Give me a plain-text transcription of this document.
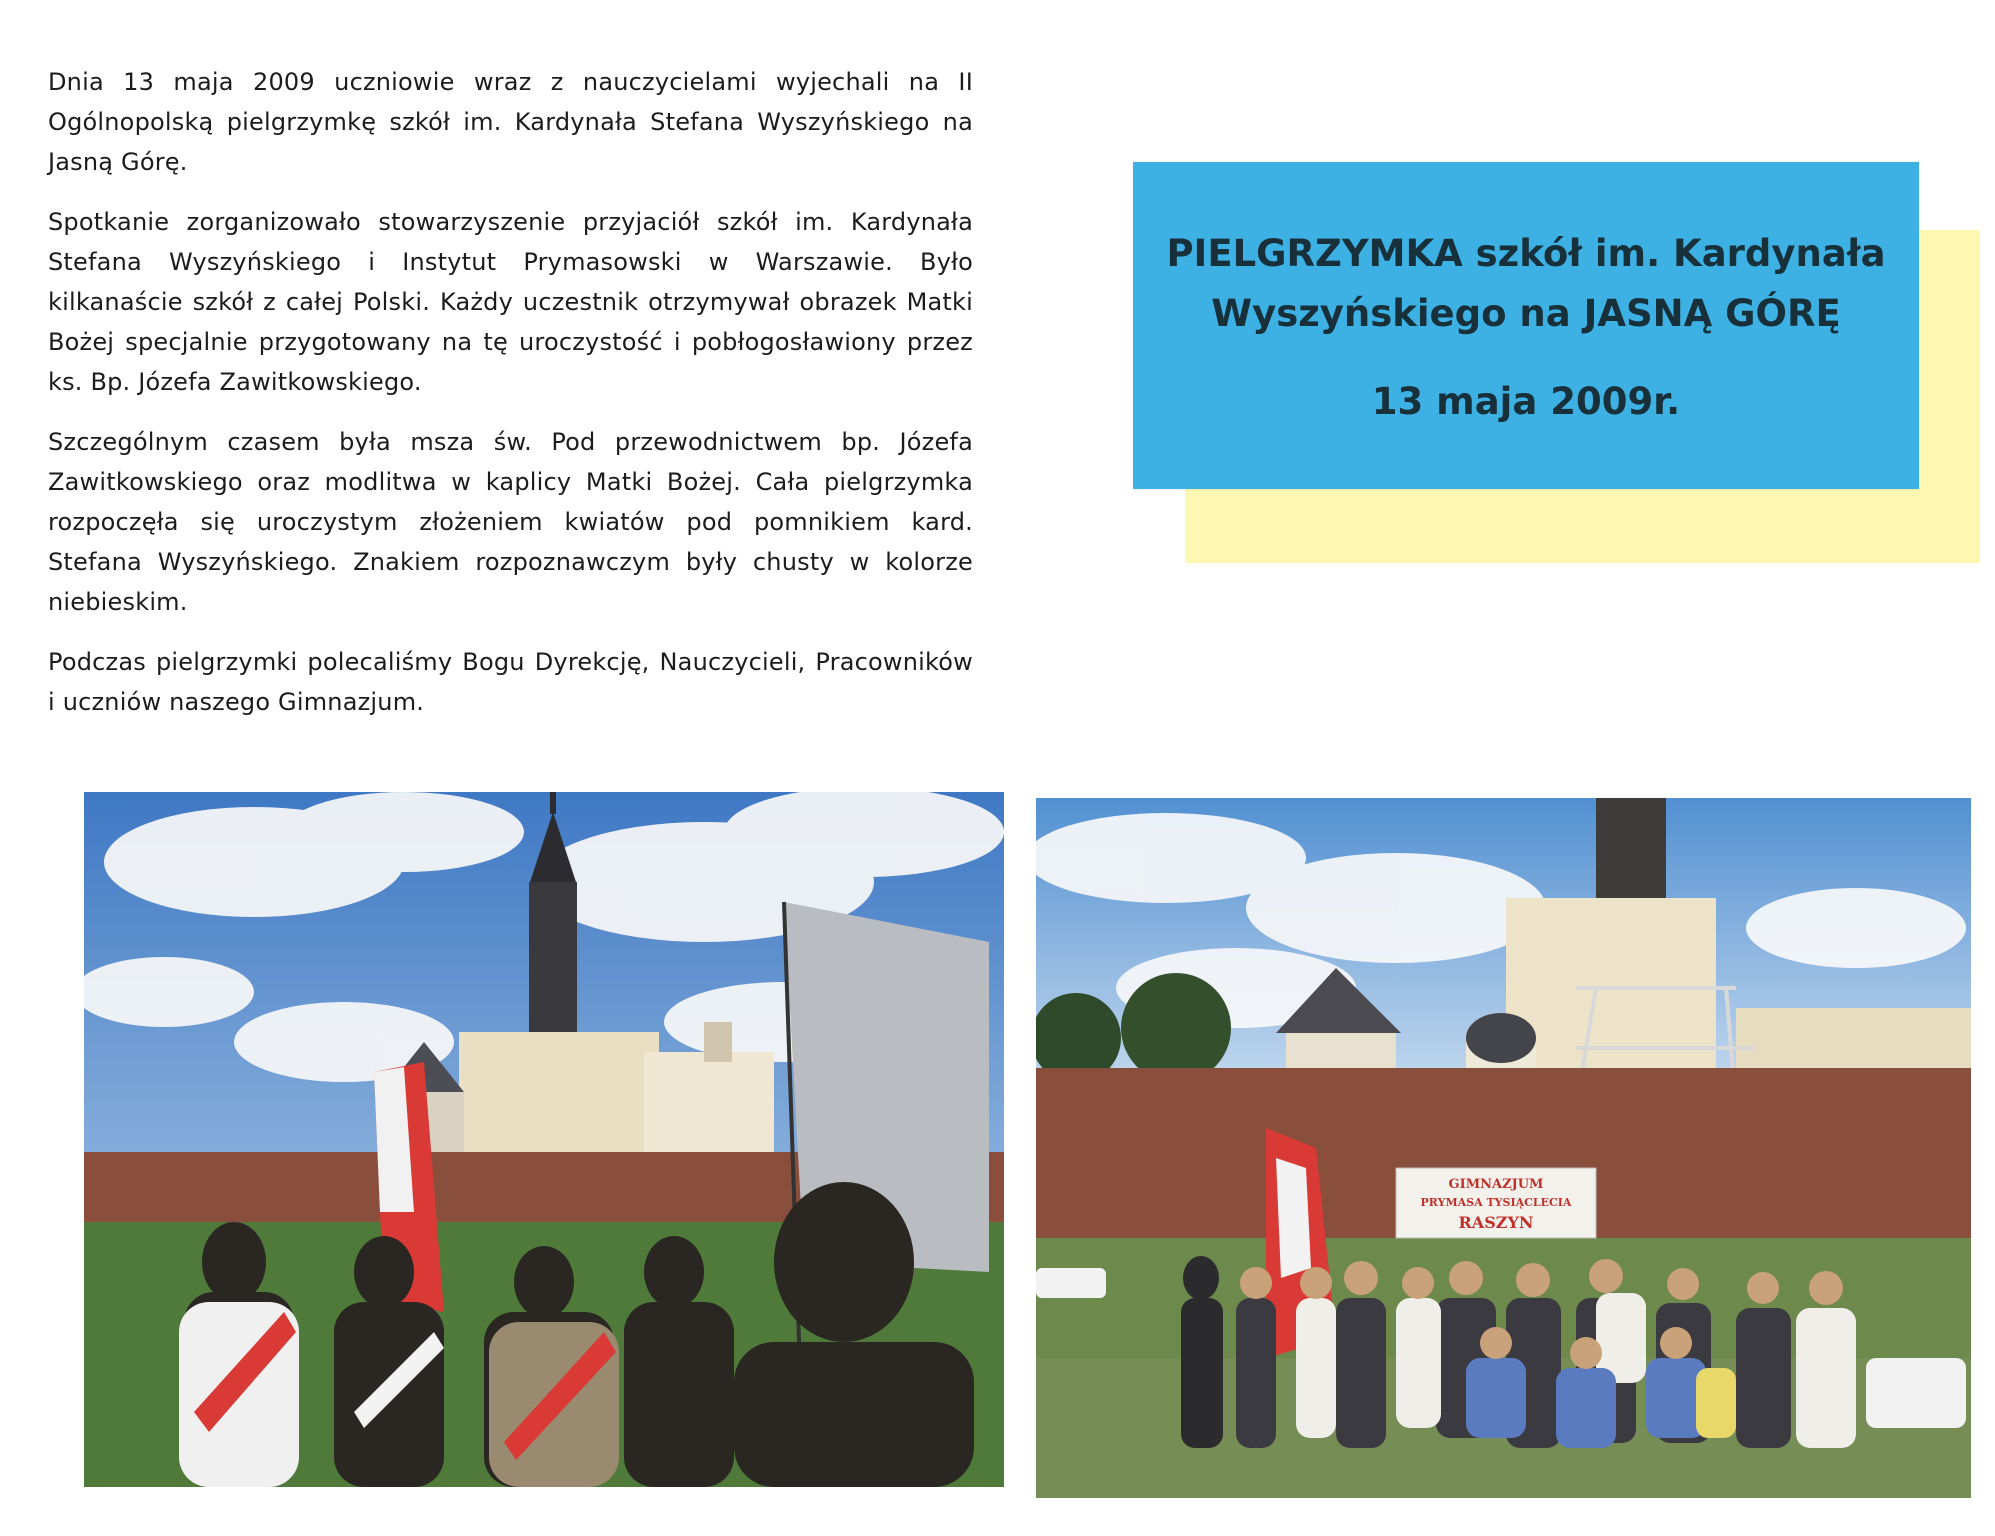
Dnia 13 maja 2009 uczniowie wraz z nauczycielami wyjechali na II Ogólnopolską pielgrzymkę szkół im. Kardynała Stefana Wyszyńskiego na Jasną Górę.

Spotkanie zorganizowało stowarzyszenie przyjaciół szkół im. Kardynała Stefana Wyszyńskiego i Instytut Prymasowski w Warszawie. Było kilkanaście szkół z całej Polski. Każdy uczestnik otrzymywał obrazek Matki Bożej specjalnie przygotowany na tę uroczystość i pobłogosławiony przez ks. Bp. Józefa Zawitkowskiego.

Szczególnym czasem była msza św. Pod przewodnictwem bp. Józefa Zawitkowskiego oraz modlitwa w kaplicy Matki Bożej. Cała pielgrzymka rozpoczęła się uroczystym złożeniem kwiatów pod pomnikiem kard. Stefana Wyszyńskiego. Znakiem rozpoznawczym były chusty w kolorze niebieskim.

Podczas pielgrzymki polecaliśmy Bogu Dyrekcję, Nauczycieli, Pracowników i uczniów naszego Gimnazjum.

PIELGRZYMKA szkół im. Kardynała Wyszyńskiego na JASNĄ GÓRĘ
13 maja 2009r.
GIMNAZJUM
PRYMASA TYSIĄCLECIA
RASZYN
